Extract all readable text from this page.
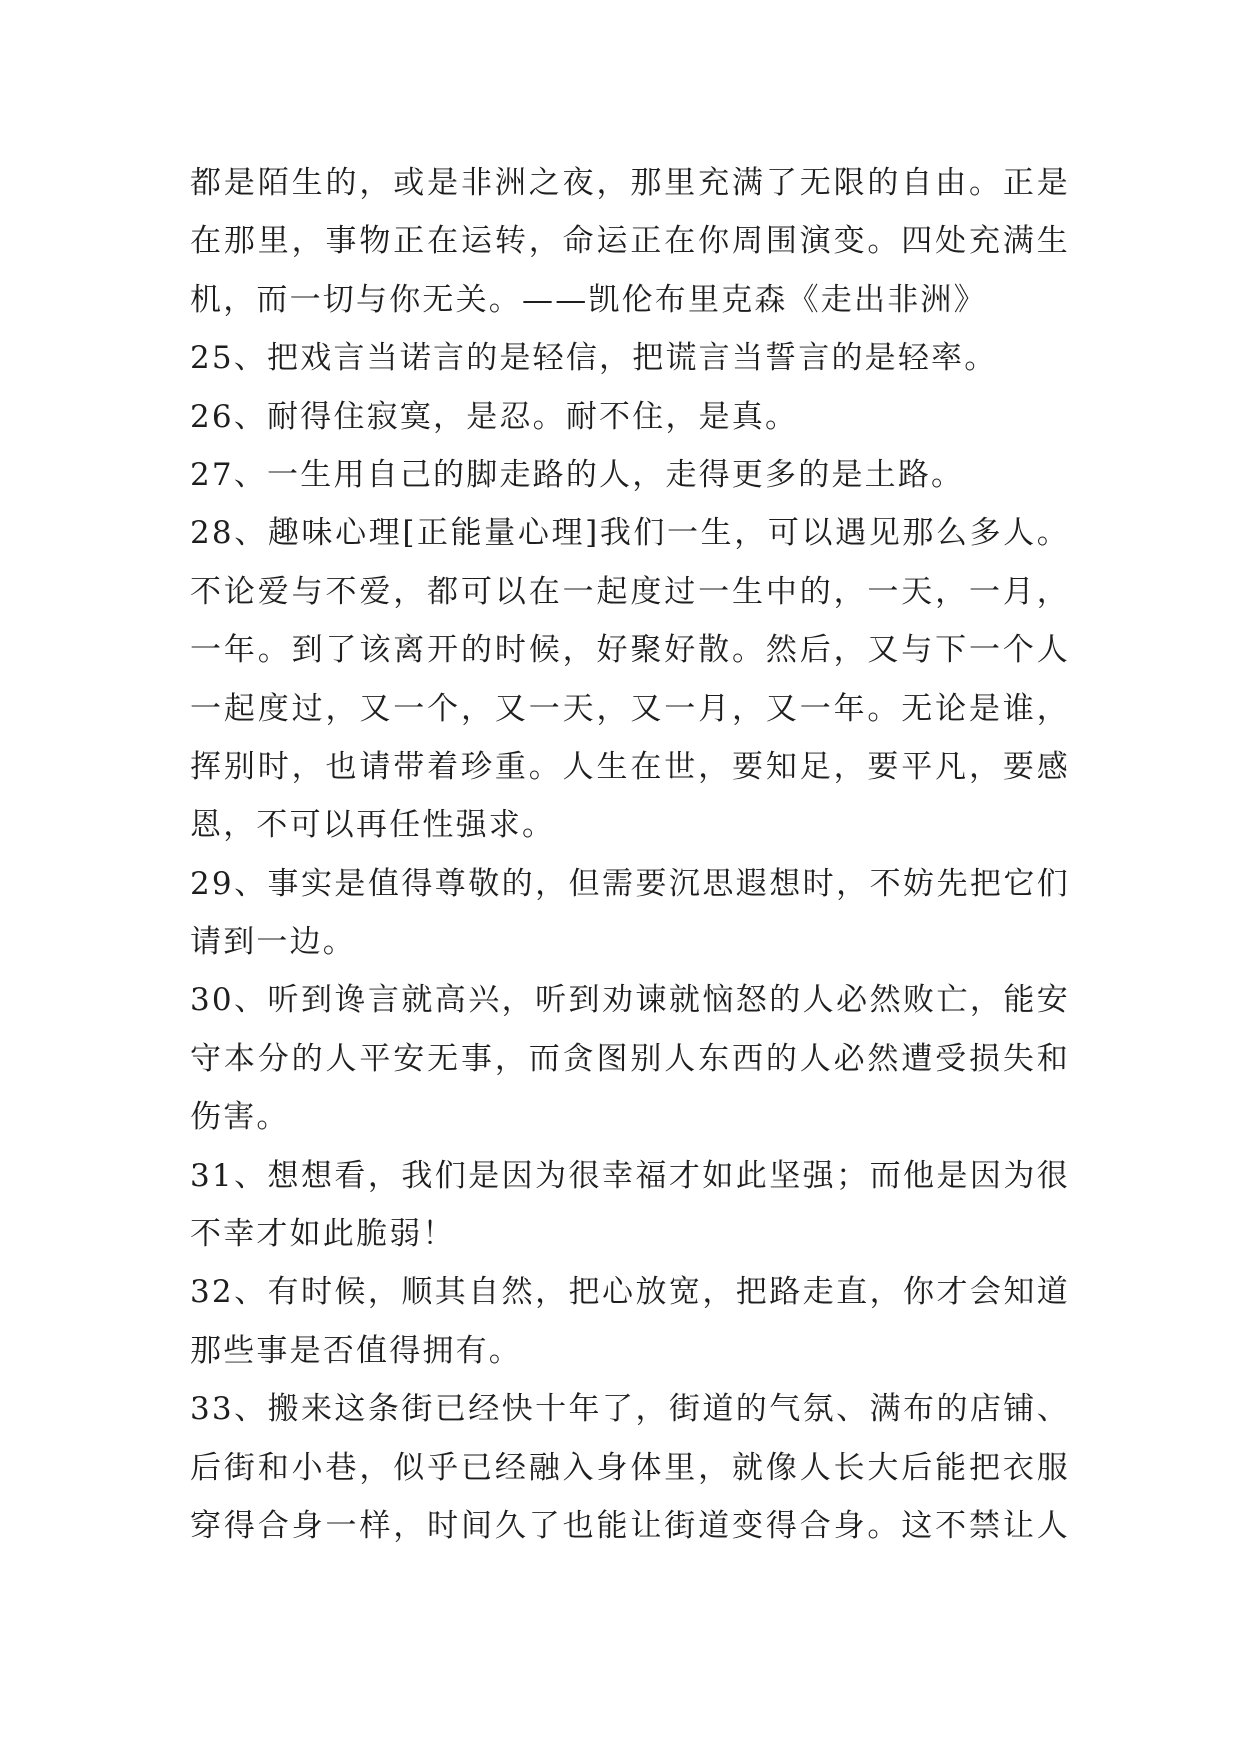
都是陌生的，或是非洲之夜，那里充满了无限的自由。正是
在那里，事物正在运转，命运正在你周围演变。四处充满生
机，而一切与你无关。——凯伦布里克森《走出非洲》
25、把戏言当诺言的是轻信，把谎言当誓言的是轻率。
26、耐得住寂寞，是忍。耐不住，是真。
27、一生用自己的脚走路的人，走得更多的是土路。
28、趣味心理[正能量心理]我们一生，可以遇见那么多人。
不论爱与不爱，都可以在一起度过一生中的，一天，一月，
一年。到了该离开的时候，好聚好散。然后，又与下一个人
一起度过，又一个，又一天，又一月，又一年。无论是谁，
挥别时，也请带着珍重。人生在世，要知足，要平凡，要感
恩，不可以再任性强求。
29、事实是值得尊敬的，但需要沉思遐想时，不妨先把它们
请到一边。
30、听到谗言就高兴，听到劝谏就恼怒的人必然败亡，能安
守本分的人平安无事，而贪图别人东西的人必然遭受损失和
伤害。
31、想想看，我们是因为很幸福才如此坚强；而他是因为很
不幸才如此脆弱！
32、有时候，顺其自然，把心放宽，把路走直，你才会知道
那些事是否值得拥有。
33、搬来这条街已经快十年了，街道的气氛、满布的店铺、
后街和小巷，似乎已经融入身体里，就像人长大后能把衣服
穿得合身一样，时间久了也能让街道变得合身。这不禁让人
